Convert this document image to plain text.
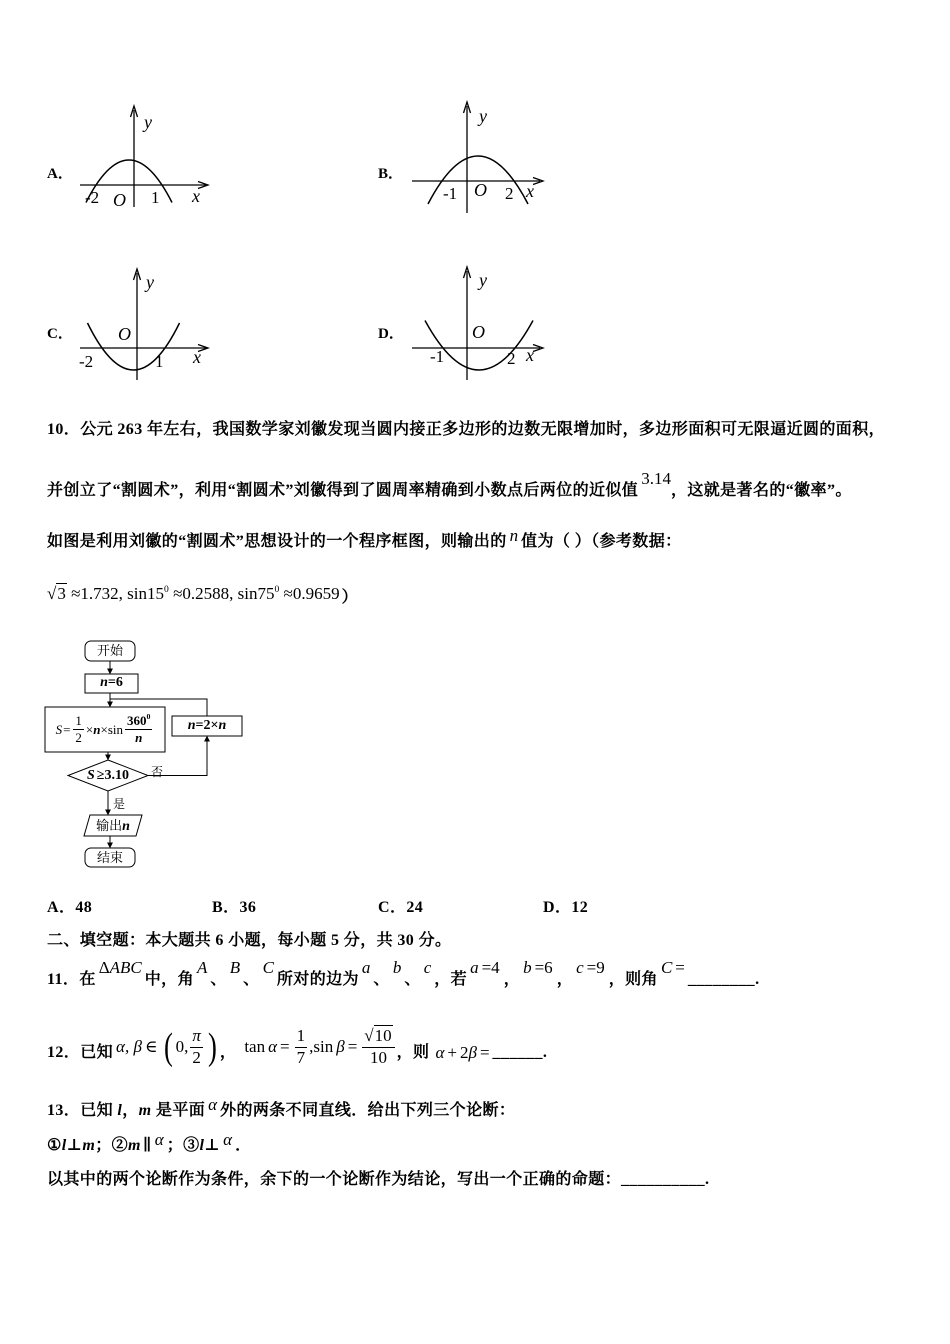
y
-2 O 1 x
y
-1 O 2 x
y
O
-2	1 x
y
O
-1	2 x
A．	B．
C．	D．
10．公元 263 年左右，我国数学家刘徽发现当圆内接正多边形的边数无限增加时，多边形面积可无限逼近圆的面积，
并创立了“割圆术”，利用“割圆术”刘徽得到了圆周率精确到小数点后两位的近似值3.14，这就是著名的“徽率”。
如图是利用刘徽的“割圆术”思想设计的一个程序框图，则输出的 n 值为（ ）（参考数据：
√3 ≈1.732, $\sin 15^0 \approx 0.2588$, $\sin 75^0 \approx 0.9659$ ）
开始
n=6
$S = \frac{1}{2} \times n \times\sin \frac{360^0}{n}$	n=2×n
S ≥3.10	否
是
输出n
结束
A．48	B．36	C．24	D．12
二、填空题：本大题共 6 小题，每小题 5 分，共 30 分。
11．在ΔABC中，角A、B、C所对的边为a、b、c，若a =4，b =6，c =9，则角C =________.
12．已知 α, β ∈ ( 0, $\frac{\pi}{2}$ ) ， $\tan \alpha = \frac{1}{7}$ , $\sin \beta = \frac{√10}{10}$ ，则 α + 2 β = ______.
13．已知 l，m 是平面 α 外的两条不同直线．给出下列三个论断：
①l⊥m；②m ∥ α ；③l⊥ α ．
以其中的两个论断作为条件，余下的一个论断作为结论，写出一个正确的命题：__________.
